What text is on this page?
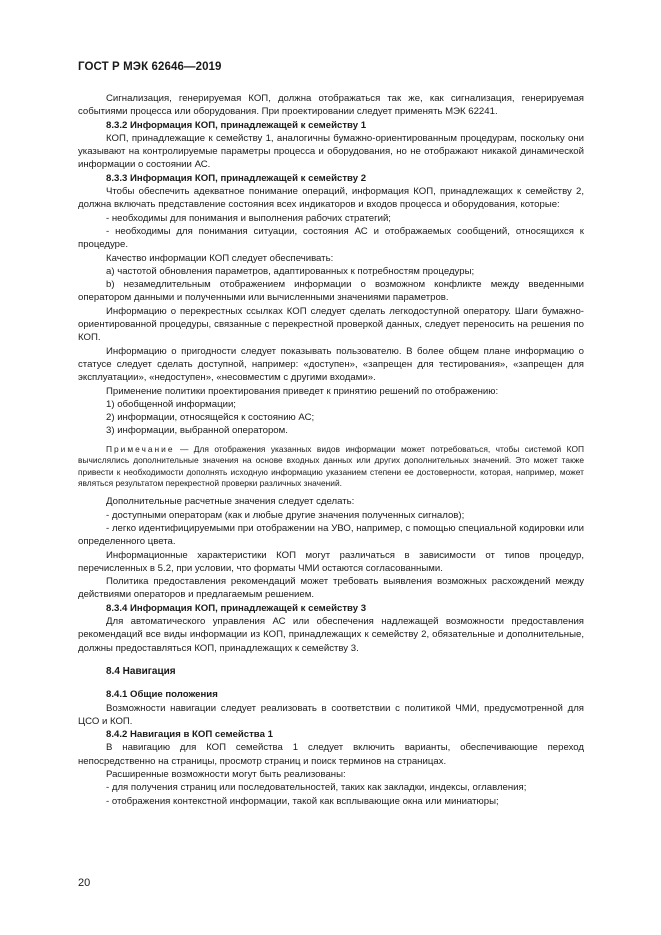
ГОСТ Р МЭК 62646—2019

Сигнализация, генерируемая КОП, должна отображаться так же, как сигнализация, генерируемая событиями процесса или оборудования. При проектировании следует применять МЭК 62241.

8.3.2 Информация КОП, принадлежащей к семейству 1

КОП, принадлежащие к семейству 1, аналогичны бумажно-ориентированным процедурам, поскольку они указывают на контролируемые параметры процесса и оборудования, но не отображают никакой динамической информации о состоянии АС.

8.3.3 Информация КОП, принадлежащей к семейству 2

Чтобы обеспечить адекватное понимание операций, информация КОП, принадлежащих к семейству 2, должна включать представление состояния всех индикаторов и входов процесса и оборудования, которые:

- необходимы для понимания и выполнения рабочих стратегий;

- необходимы для понимания ситуации, состояния АС и отображаемых сообщений, относящихся к процедуре.

Качество информации КОП следует обеспечивать:

a) частотой обновления параметров, адаптированных к потребностям процедуры;

b) незамедлительным отображением информации о возможном конфликте между введенными оператором данными и полученными или вычисленными значениями параметров.

Информацию о перекрестных ссылках КОП следует сделать легкодоступной оператору. Шаги бумажно-ориентированной процедуры, связанные с перекрестной проверкой данных, следует переносить на решения по КОП.

Информацию о пригодности следует показывать пользователю. В более общем плане информацию о статусе следует сделать доступной, например: «доступен», «запрещен для тестирования», «запрещен для эксплуатации», «недоступен», «несовместим с другими входами».

Применение политики проектирования приведет к принятию решений по отображению:

1) обобщенной информации;

2) информации, относящейся к состоянию АС;

3) информации, выбранной оператором.

Примечание — Для отображения указанных видов информации может потребоваться, чтобы системой КОП вычислялись дополнительные значения на основе входных данных или других дополнительных значений. Это может также привести к необходимости дополнять исходную информацию указанием степени ее достоверности, которая, например, может являться результатом перекрестной проверки различных значений.

Дополнительные расчетные значения следует сделать:

- доступными операторам (как и любые другие значения полученных сигналов);

- легко идентифицируемыми при отображении на УВО, например, с помощью специальной кодировки или определенного цвета.

Информационные характеристики КОП могут различаться в зависимости от типов процедур, перечисленных в 5.2, при условии, что форматы ЧМИ остаются согласованными.

Политика предоставления рекомендаций может требовать выявления возможных расхождений между действиями операторов и предлагаемым решением.

8.3.4 Информация КОП, принадлежащей к семейству 3

Для автоматического управления АС или обеспечения надлежащей возможности предоставления рекомендаций все виды информации из КОП, принадлежащих к семейству 2, обязательные и дополнительные, должны предоставляться КОП, принадлежащих к семейству 3.

8.4 Навигация

8.4.1 Общие положения

Возможности навигации следует реализовать в соответствии с политикой ЧМИ, предусмотренной для ЦСО и КОП.

8.4.2 Навигация в КОП семейства 1

В навигацию для КОП семейства 1 следует включить варианты, обеспечивающие переход непосредственно на страницы, просмотр страниц и поиск терминов на страницах.

Расширенные возможности могут быть реализованы:

- для получения страниц или последовательностей, таких как закладки, индексы, оглавления;

- отображения контекстной информации, такой как всплывающие окна или миниатюры;

20
